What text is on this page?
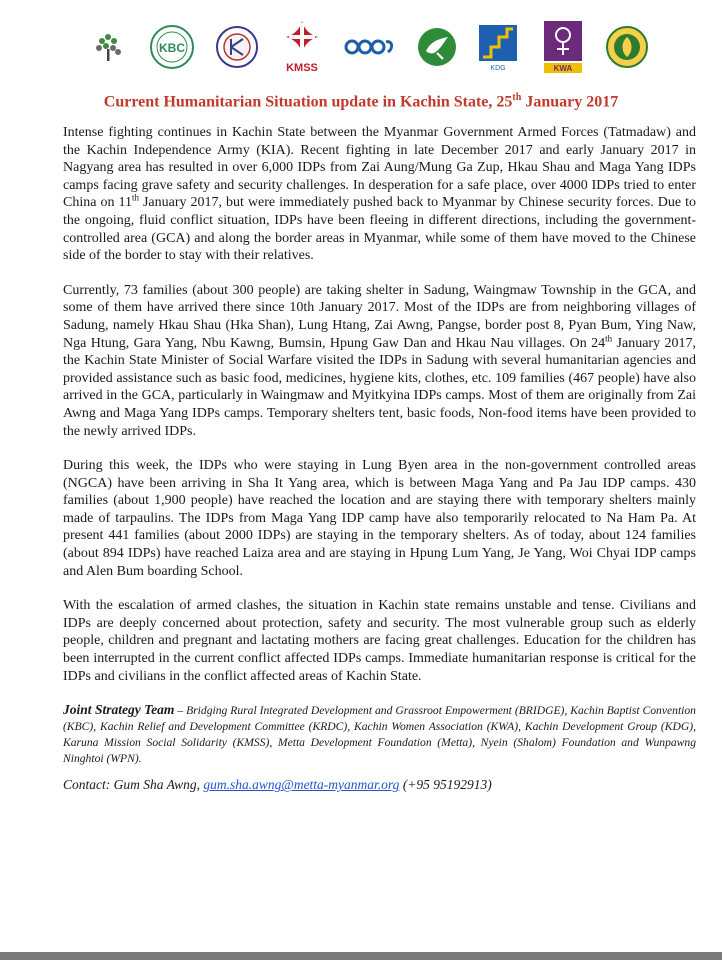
KBC
KMSS	KDG	KWA
Current Humanitarian Situation update in Kachin State, 25th January 2017

Intense fighting continues in Kachin State between the Myanmar Government Armed Forces (Tatmadaw) and the Kachin Independence Army (KIA). Recent fighting in late December 2017 and early January 2017 in Nagyang area has resulted in over 6,000 IDPs from Zai Aung/Mung Ga Zup, Hkau Shau and Maga Yang IDPs camps facing grave safety and security challenges. In desperation for a safe place, over 4000 IDPs tried to enter China on 11th January 2017, but were immediately pushed back to Myanmar by Chinese security forces. Due to the ongoing, fluid conflict situation, IDPs have been fleeing in different directions, including the government-controlled area (GCA) and along the border areas in Myanmar, while some of them have moved to the Chinese side of the border to stay with their relatives.

Currently, 73 families (about 300 people) are taking shelter in Sadung, Waingmaw Township in the GCA, and some of them have arrived there since 10th January 2017. Most of the IDPs are from neighboring villages of Sadung, namely Hkau Shau (Hka Shan), Lung Htang, Zai Awng, Pangse, border post 8, Pyan Bum, Ying Naw, Nga Htung, Gara Yang, Nbu Kawng, Bumsin, Hpung Gaw Dan and Hkau Nau villages. On 24th January 2017, the Kachin State Minister of Social Warfare visited the IDPs in Sadung with several humanitarian agencies and provided assistance such as basic food, medicines, hygiene kits, clothes, etc. 109 families (467 people) have also arrived in the GCA, particularly in Waingmaw and Myitkyina IDPs camps. Most of them are originally from Zai Awng and Maga Yang IDPs camps. Temporary shelters tent, basic foods, Non-food items have been provided to the newly arrived IDPs.

During this week, the IDPs who were staying in Lung Byen area in the non-government controlled areas (NGCA) have been arriving in Sha It Yang area, which is between Maga Yang and Pa Jau IDP camps. 430 families (about 1,900 people) have reached the location and are staying there with temporary shelters mainly made of tarpaulins. The IDPs from Maga Yang IDP camp have also temporarily relocated to Na Ham Pa. At present 441 families (about 2000 IDPs) are staying in the temporary shelters. As of today, about 124 families (about 894 IDPs) have reached Laiza area and are staying in Hpung Lum Yang, Je Yang, Woi Chyai IDP camps and Alen Bum boarding School.

With the escalation of armed clashes, the situation in Kachin state remains unstable and tense. Civilians and IDPs are deeply concerned about protection, safety and security. The most vulnerable group such as elderly people, children and pregnant and lactating mothers are facing great challenges. Education for the children has been interrupted in the current conflict affected IDPs camps. Immediate humanitarian response is critical for the IDPs and civilians in the conflict affected areas of Kachin State.

Joint Strategy Team – Bridging Rural Integrated Development and Grassroot Empowerment (BRIDGE), Kachin Baptist Convention (KBC), Kachin Relief and Development Committee (KRDC), Kachin Women Association (KWA), Kachin Development Group (KDG), Karuna Mission Social Solidarity (KMSS), Metta Development Foundation (Metta), Nyein (Shalom) Foundation and Wunpawng Ninghtoi (WPN).
Contact: Gum Sha Awng, gum.sha.awng@metta-myanmar.org (+95 95192913)
